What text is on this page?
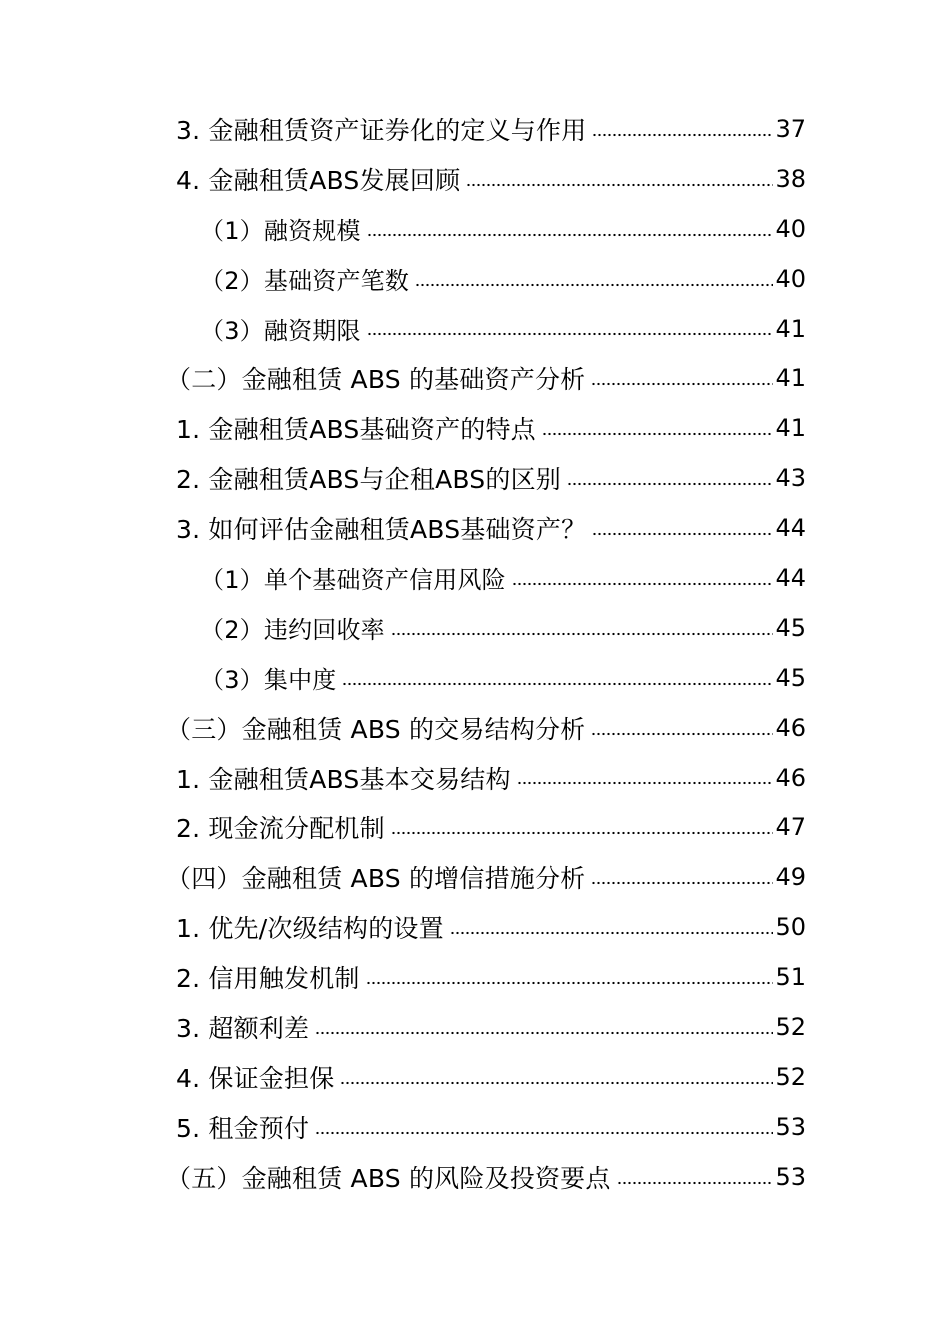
3. 金融租赁资产证券化的定义与作用	37
4. 金融租赁ABS发展回顾	38
（1）融资规模	40
（2）基础资产笔数	40
（3）融资期限	41
（二）金融租赁 ABS 的基础资产分析	41
1. 金融租赁ABS基础资产的特点	41
2. 金融租赁ABS与企租ABS的区别	43
3. 如何评估金融租赁ABS基础资产？	44
（1）单个基础资产信用风险	44
（2）违约回收率	45
（3）集中度	45
（三）金融租赁 ABS 的交易结构分析	46
1. 金融租赁ABS基本交易结构	46
2. 现金流分配机制	47
（四）金融租赁 ABS 的增信措施分析	49
1. 优先/次级结构的设置	50
2. 信用触发机制	51
3. 超额利差	52
4. 保证金担保	52
5. 租金预付	53
（五）金融租赁 ABS 的风险及投资要点	53
